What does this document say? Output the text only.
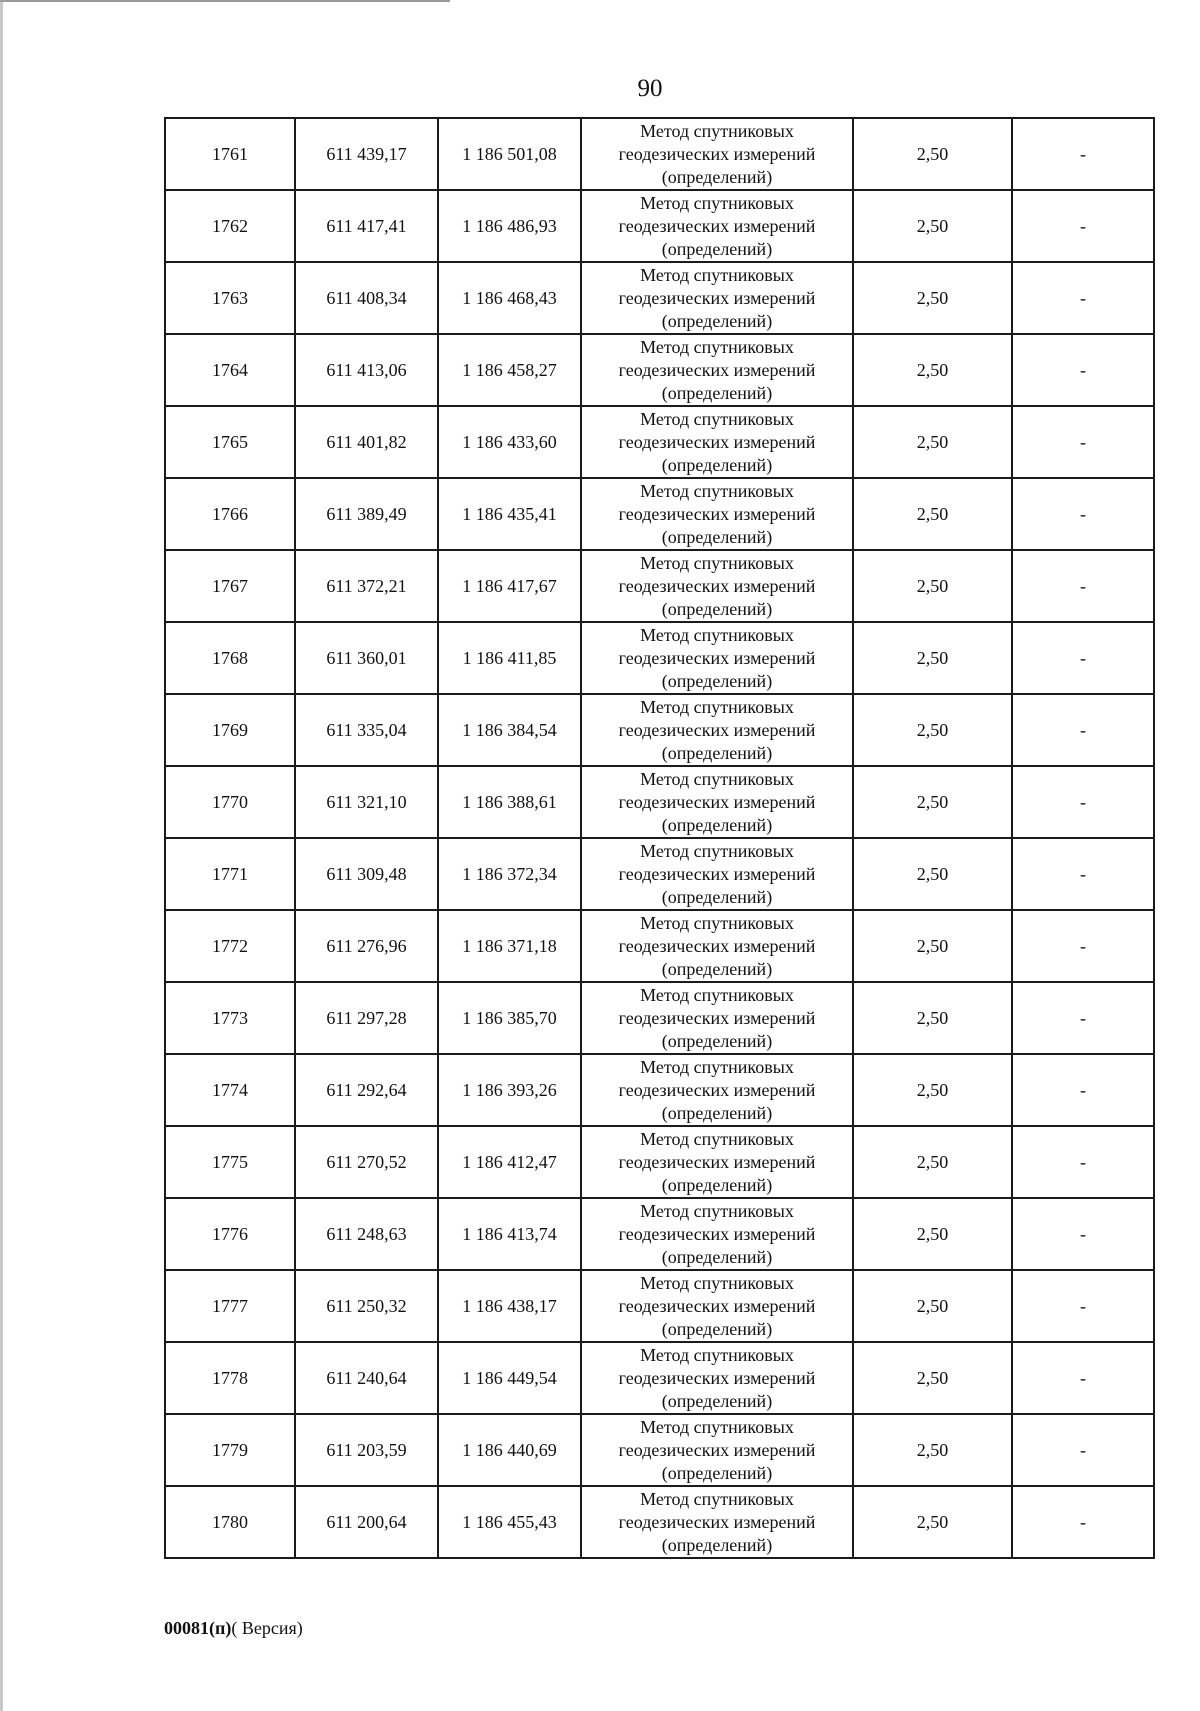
90
1761	611 439,17	1 186 501,08	Метод спутниковых
геодезических измерений
(определений)	2,50	-
1762	611 417,41	1 186 486,93	Метод спутниковых
геодезических измерений
(определений)	2,50	-
1763	611 408,34	1 186 468,43	Метод спутниковых
геодезических измерений
(определений)	2,50	-
1764	611 413,06	1 186 458,27	Метод спутниковых
геодезических измерений
(определений)	2,50	-
1765	611 401,82	1 186 433,60	Метод спутниковых
геодезических измерений
(определений)	2,50	-
1766	611 389,49	1 186 435,41	Метод спутниковых
геодезических измерений
(определений)	2,50	-
1767	611 372,21	1 186 417,67	Метод спутниковых
геодезических измерений
(определений)	2,50	-
1768	611 360,01	1 186 411,85	Метод спутниковых
геодезических измерений
(определений)	2,50	-
1769	611 335,04	1 186 384,54	Метод спутниковых
геодезических измерений
(определений)	2,50	-
1770	611 321,10	1 186 388,61	Метод спутниковых
геодезических измерений
(определений)	2,50	-
1771	611 309,48	1 186 372,34	Метод спутниковых
геодезических измерений
(определений)	2,50	-
1772	611 276,96	1 186 371,18	Метод спутниковых
геодезических измерений
(определений)	2,50	-
1773	611 297,28	1 186 385,70	Метод спутниковых
геодезических измерений
(определений)	2,50	-
1774	611 292,64	1 186 393,26	Метод спутниковых
геодезических измерений
(определений)	2,50	-
1775	611 270,52	1 186 412,47	Метод спутниковых
геодезических измерений
(определений)	2,50	-
1776	611 248,63	1 186 413,74	Метод спутниковых
геодезических измерений
(определений)	2,50	-
1777	611 250,32	1 186 438,17	Метод спутниковых
геодезических измерений
(определений)	2,50	-
1778	611 240,64	1 186 449,54	Метод спутниковых
геодезических измерений
(определений)	2,50	-
1779	611 203,59	1 186 440,69	Метод спутниковых
геодезических измерений
(определений)	2,50	-
1780	611 200,64	1 186 455,43	Метод спутниковых
геодезических измерений
(определений)	2,50	-
00081(п)( Версия)
